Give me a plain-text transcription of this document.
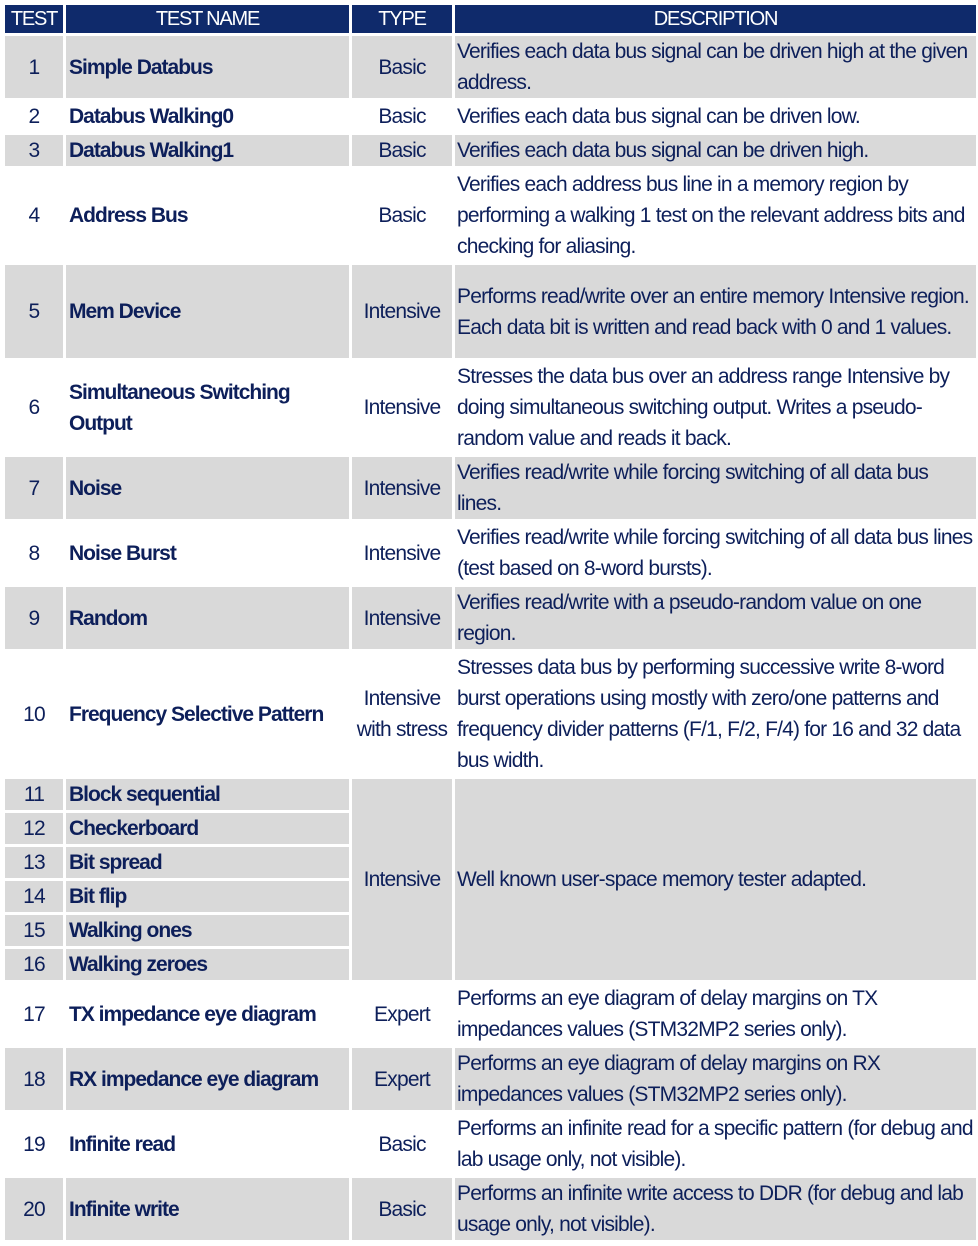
TEST	TEST NAME	TYPE	DESCRIPTION
1	Simple Databus	Basic	Verifies each data bus signal can be driven high at the given address.
2	Databus Walking0	Basic	Verifies each data bus signal can be driven low.
3	Databus Walking1	Basic	Verifies each data bus signal can be driven high.
4	Address Bus	Basic	Verifies each address bus line in a memory region by performing a walking 1 test on the relevant address bits and checking for aliasing.
5	Mem Device	Intensive	Performs read/write over an entire memory Intensive region. Each data bit is written and read back with 0 and 1 values.
6	Simultaneous Switching Output	Intensive	Stresses the data bus over an address range Intensive by doing simultaneous switching output. Writes a pseudo-random value and reads it back.
7	Noise	Intensive	Verifies read/write while forcing switching of all data bus lines.
8	Noise Burst	Intensive	Verifies read/write while forcing switching of all data bus lines (test based on 8-word bursts).
9	Random	Intensive	Verifies read/write with a pseudo-random value on one region.
10	Frequency Selective Pattern	Intensive with stress	Stresses data bus by performing successive write 8-word burst operations using mostly with zero/one patterns and frequency divider patterns (F/1, F/2, F/4) for 16 and 32 data bus width.
11	Block sequential	Intensive	Well known user-space memory tester adapted.
12	Checkerboard		
13	Bit spread		
14	Bit flip		
15	Walking ones		
16	Walking zeroes		
17	TX impedance eye diagram	Expert	Performs an eye diagram of delay margins on TX impedances values (STM32MP2 series only).
18	RX impedance eye diagram	Expert	Performs an eye diagram of delay margins on RX impedances values (STM32MP2 series only).
19	Infinite read	Basic	Performs an infinite read for a specific pattern (for debug and lab usage only, not visible).
20	Infinite write	Basic	Performs an infinite write access to DDR (for debug and lab usage only, not visible).
